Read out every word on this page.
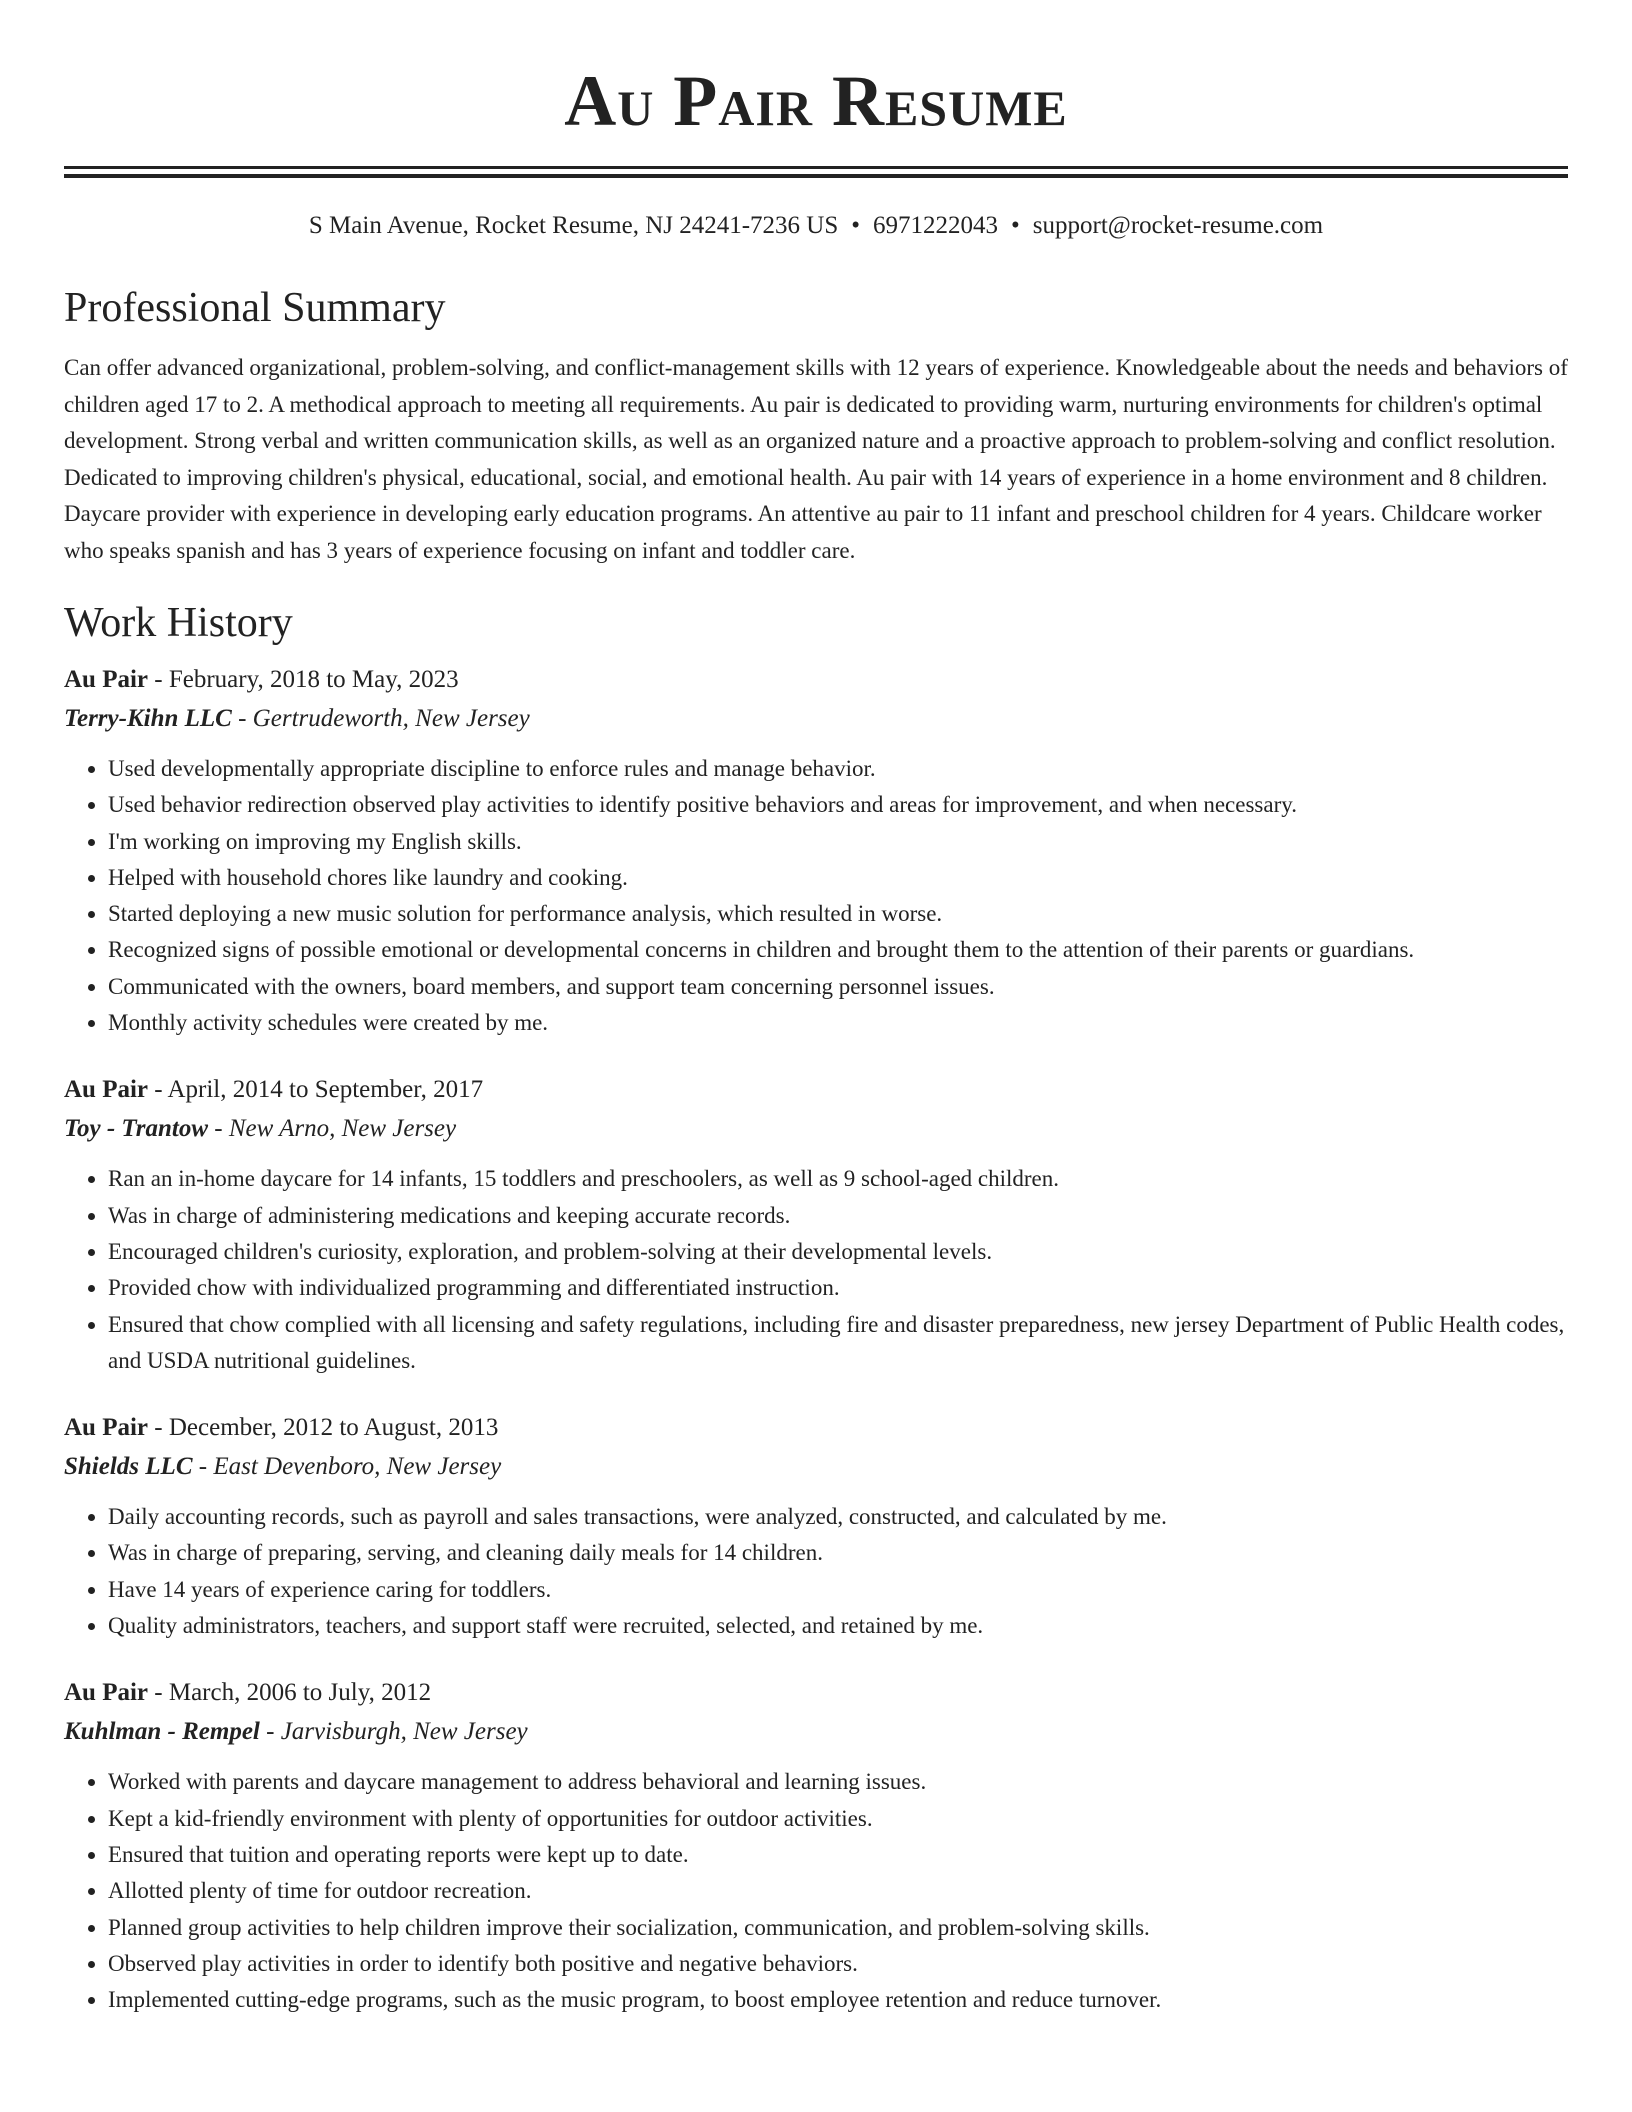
Au Pair Resume
S Main Avenue, Rocket Resume, NJ 24241-7236 US • 6971222043 • support@rocket-resume.com
Professional Summary

Can offer advanced organizational, problem-solving, and conflict-management skills with 12 years of experience. Knowledgeable about the needs and behaviors of children aged 17 to 2. A methodical approach to meeting all requirements. Au pair is dedicated to providing warm, nurturing environments for children's optimal development. Strong verbal and written communication skills, as well as an organized nature and a proactive approach to problem-solving and conflict resolution. Dedicated to improving children's physical, educational, social, and emotional health. Au pair with 14 years of experience in a home environment and 8 children. Daycare provider with experience in developing early education programs. An attentive au pair to 11 infant and preschool children for 4 years. Childcare worker who speaks spanish and has 3 years of experience focusing on infant and toddler care.

Work History
Au Pair - February, 2018 to May, 2023
Terry-Kihn LLC - Gertrudeworth, New Jersey
• Used developmentally appropriate discipline to enforce rules and manage behavior.
• Used behavior redirection observed play activities to identify positive behaviors and areas for improvement, and when necessary.
• I'm working on improving my English skills.
• Helped with household chores like laundry and cooking.
• Started deploying a new music solution for performance analysis, which resulted in worse.
• Recognized signs of possible emotional or developmental concerns in children and brought them to the attention of their parents or guardians.
• Communicated with the owners, board members, and support team concerning personnel issues.
• Monthly activity schedules were created by me.
Au Pair - April, 2014 to September, 2017
Toy - Trantow - New Arno, New Jersey
• Ran an in-home daycare for 14 infants, 15 toddlers and preschoolers, as well as 9 school-aged children.
• Was in charge of administering medications and keeping accurate records.
• Encouraged children's curiosity, exploration, and problem-solving at their developmental levels.
• Provided chow with individualized programming and differentiated instruction.
• Ensured that chow complied with all licensing and safety regulations, including fire and disaster preparedness, new jersey Department of Public Health codes, and USDA nutritional guidelines.
Au Pair - December, 2012 to August, 2013
Shields LLC - East Devenboro, New Jersey
• Daily accounting records, such as payroll and sales transactions, were analyzed, constructed, and calculated by me.
• Was in charge of preparing, serving, and cleaning daily meals for 14 children.
• Have 14 years of experience caring for toddlers.
• Quality administrators, teachers, and support staff were recruited, selected, and retained by me.
Au Pair - March, 2006 to July, 2012
Kuhlman - Rempel - Jarvisburgh, New Jersey
• Worked with parents and daycare management to address behavioral and learning issues.
• Kept a kid-friendly environment with plenty of opportunities for outdoor activities.
• Ensured that tuition and operating reports were kept up to date.
• Allotted plenty of time for outdoor recreation.
• Planned group activities to help children improve their socialization, communication, and problem-solving skills.
• Observed play activities in order to identify both positive and negative behaviors.
• Implemented cutting-edge programs, such as the music program, to boost employee retention and reduce turnover.
